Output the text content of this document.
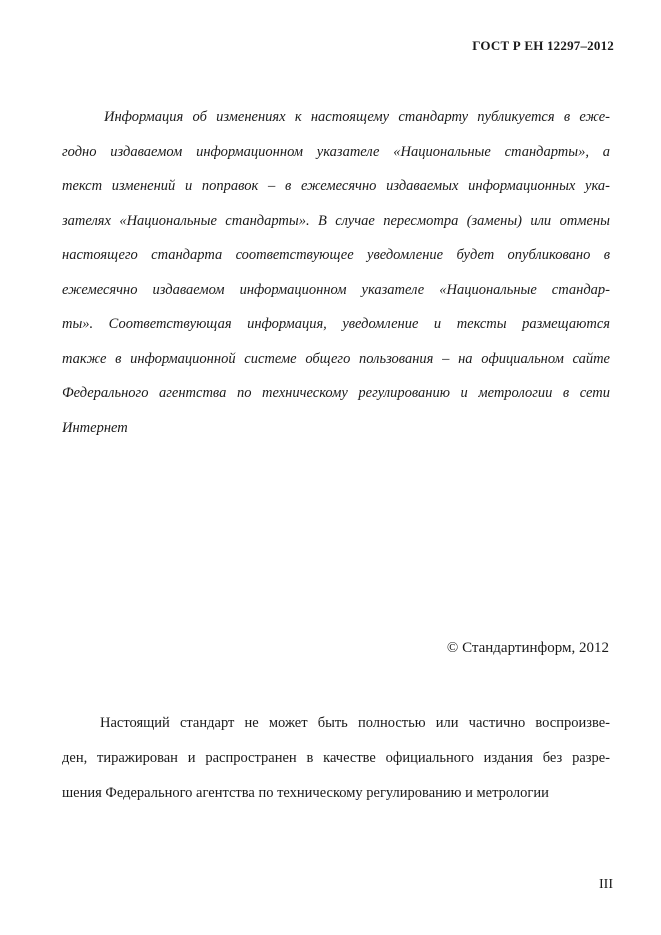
ГОСТ Р ЕН 12297–2012
Информация об изменениях к настоящему стандарту публикуется в еже-
годно издаваемом информационном указателе «Национальные стандарты», а
текст изменений и поправок – в ежемесячно издаваемых информационных ука-
зателях «Национальные стандарты». В случае пересмотра (замены) или отмены
настоящего стандарта соответствующее уведомление будет опубликовано в
ежемесячно издаваемом информационном указателе «Национальные стандар-
ты». Соответствующая информация, уведомление и тексты размещаются
также в информационной системе общего пользования – на официальном сайте
Федерального агентства по техническому регулированию и метрологии в сети
Интернет
© Стандартинформ, 2012
Настоящий стандарт не может быть полностью или частично воспроизве-
ден, тиражирован и распространен в качестве официального издания без разре-
шения Федерального агентства по техническому регулированию и метрологии
III
